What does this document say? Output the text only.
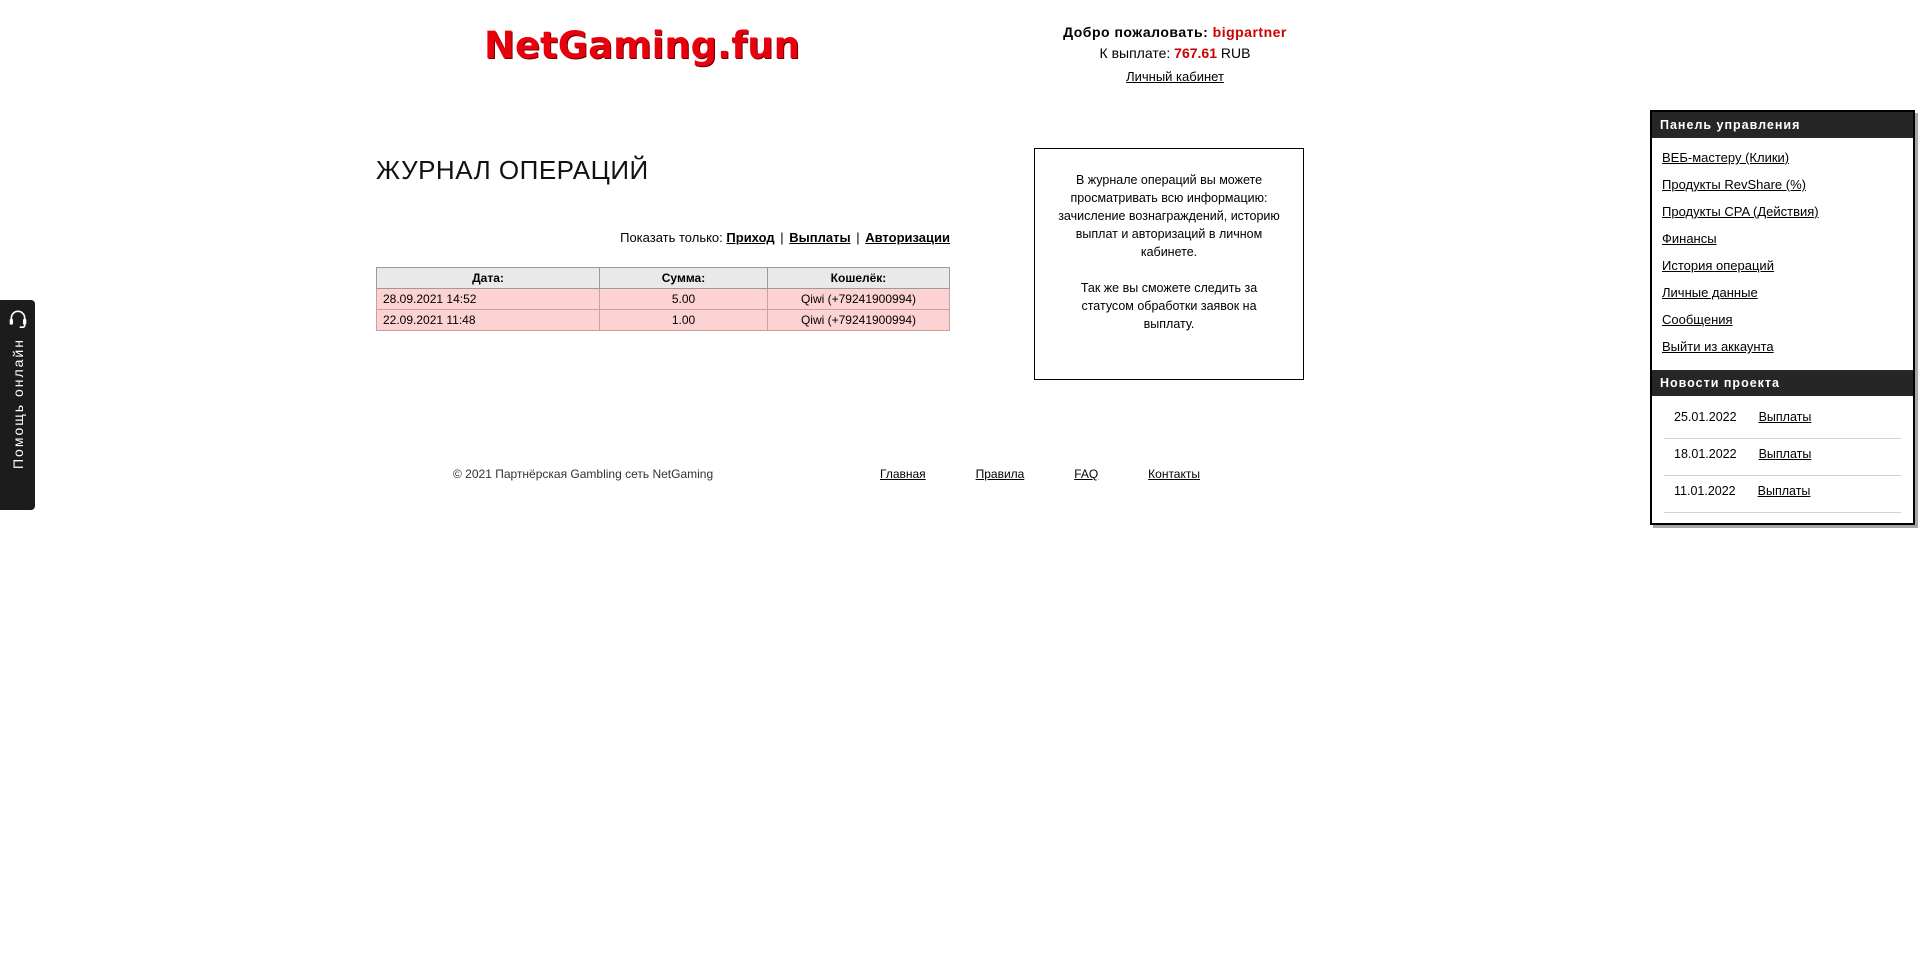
Помощь онлайн
NetGaming.fun	Добро пожаловать: bigpartner
К выплате: 767.61 RUB
Личный кабинет
ЖУРНАЛ ОПЕРАЦИЙ
Показать только: Приход | Выплаты | Авторизации
Дата:	Сумма:	Кошелёк:
28.09.2021 14:52	5.00	Qiwi (+79241900994)
22.09.2021 11:48	1.00	Qiwi (+79241900994)

В журнале операций вы можете просматривать всю информацию: зачисление вознаграждений, историю выплат и авторизаций в личном кабинете.

Так же вы сможете следить за статусом обработки заявок на выплату.

© 2021 Партнёрская Gambling сеть NetGaming	Главная	Правила	FAQ	Контакты
Панель управления
ВЕБ-мастеру (Клики)
Продукты RevShare (%)
Продукты CPA (Действия)
Финансы
История операций
Личные данные
Сообщения
Выйти из аккаунта
Новости проекта
25.01.2022 Выплаты
18.01.2022 Выплаты
11.01.2022 Выплаты
